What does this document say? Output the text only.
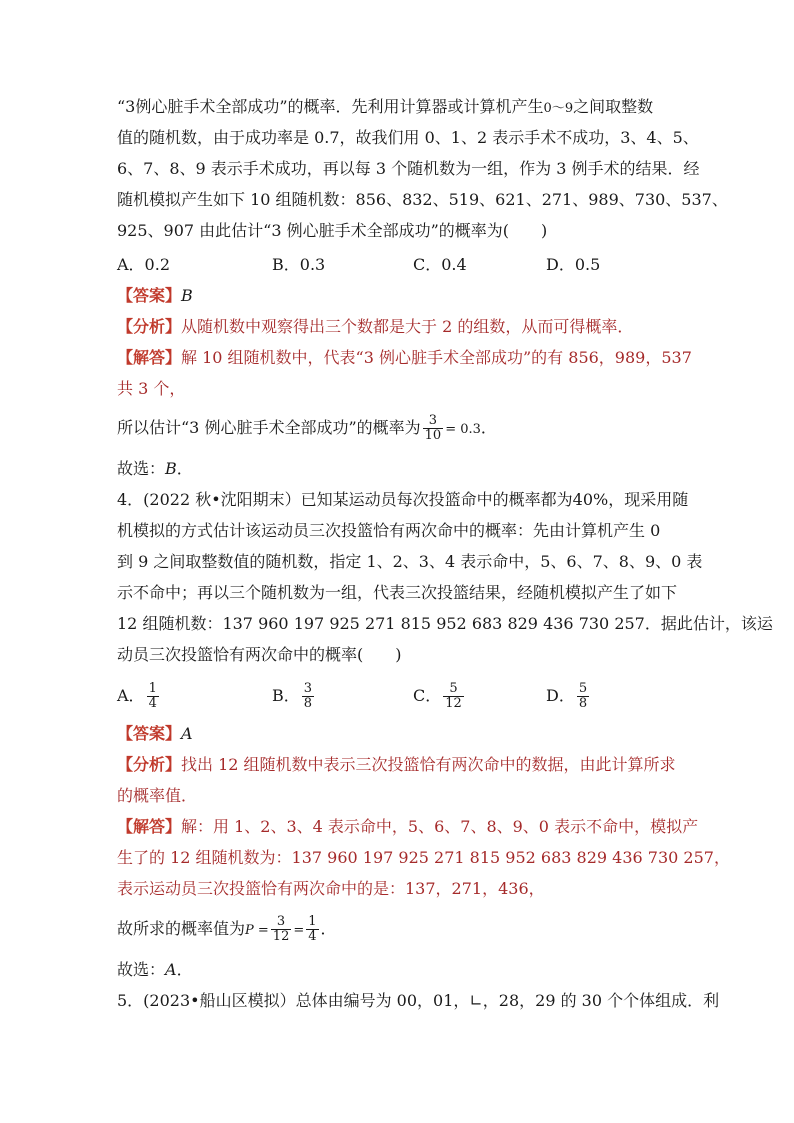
“3例心脏手术全部成功”的概率．先利用计算器或计算机产生0～9之间取整数
值的随机数，由于成功率是 0.7，故我们用 0、1、2 表示手术不成功，3、4、5、
6、7、8、9 表示手术成功，再以每 3 个随机数为一组，作为 3 例手术的结果．经
随机模拟产生如下 10 组随机数：856、832、519、621、271、989、730、537、
925、907 由此估计“3 例心脏手术全部成功”的概率为(　　)
A．0.2	B．0.3	C．0.4	D．0.5
【答案】B
【分析】从随机数中观察得出三个数都是大于 2 的组数，从而可得概率．
【解答】解 10 组随机数中，代表“3 例心脏手术全部成功”的有 856，989，537
共 3 个，
所以估计“3 例心脏手术全部成功”的概率为 $\frac{3}{10} = 0.3$．
故选：B．
4．(2022 秋•沈阳期末）已知某运动员每次投篮命中的概率都为40%，现采用随
机模拟的方式估计该运动员三次投篮恰有两次命中的概率：先由计算机产生 0
到 9 之间取整数值的随机数，指定 1、2、3、4 表示命中，5、6、7、8、9、0 表
示不命中；再以三个随机数为一组，代表三次投篮结果，经随机模拟产生了如下
12 组随机数：137 960 197 925 271 815 952 683 829 436 730 257．据此估计，该运
动员三次投篮恰有两次命中的概率(　　)
A． $\frac{1}{4}$	B． $\frac{3}{8}$	C． $\frac{5}{12}$	D． $\frac{5}{8}$
【答案】A
【分析】找出 12 组随机数中表示三次投篮恰有两次命中的数据，由此计算所求
的概率值．
【解答】解：用 1、2、3、4 表示命中，5、6、7、8、9、0 表示不命中，模拟产
生了的 12 组随机数为：137 960 197 925 271 815 952 683 829 436 730 257，
表示运动员三次投篮恰有两次命中的是：137，271，436，
故所求的概率值为$P = \frac{3}{12} = \frac{1}{4}$ ．
故选：A．
5．(2023•船山区模拟）总体由编号为 00，01，∟，28，29 的 30 个个体组成．利
